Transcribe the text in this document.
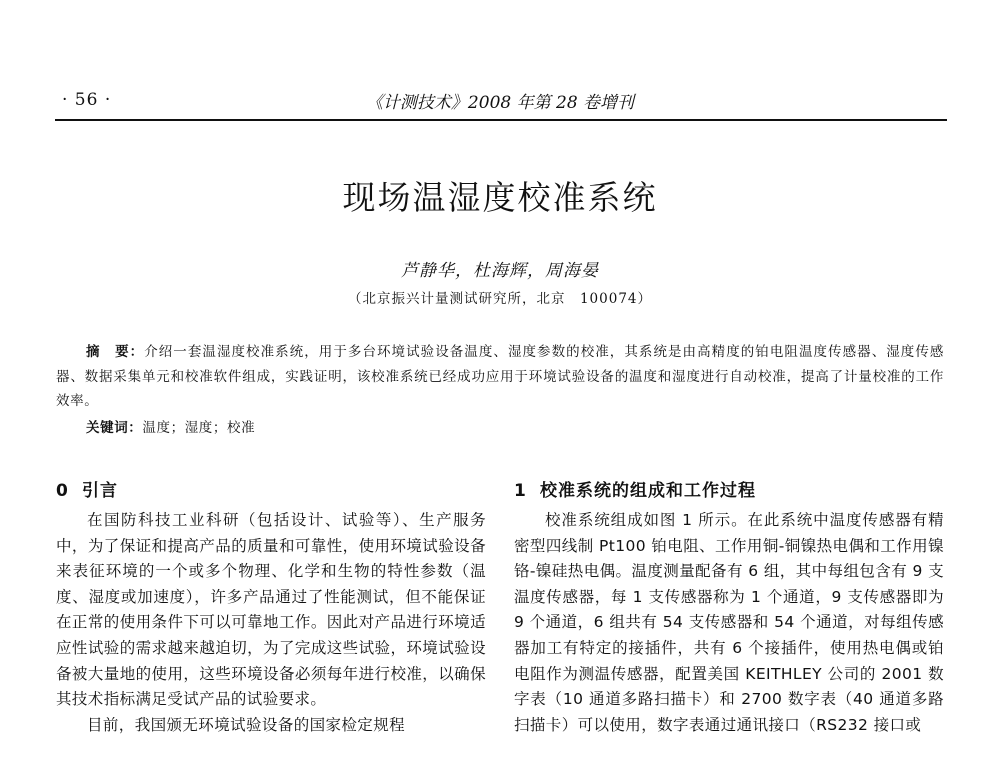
· 56 ·	《计测技术》2008 年第 28 卷增刊
现场温湿度校准系统
芦静华，杜海辉，周海晏
（北京振兴计量测试研究所，北京　100074）
摘　要：介绍一套温湿度校准系统，用于多台环境试验设备温度、湿度参数的校准，其系统是由高精度的铂电阻温度传感器、湿度传感器、数据采集单元和校准软件组成，实践证明，该校准系统已经成功应用于环境试验设备的温度和湿度进行自动校准，提高了计量校准的工作效率。
关键词：温度；湿度；校准
0 引言

在国防科技工业科研（包括设计、试验等）、生产服务中，为了保证和提高产品的质量和可靠性，使用环境试验设备来表征环境的一个或多个物理、化学和生物的特性参数（温度、湿度或加速度），许多产品通过了性能测试，但不能保证在正常的使用条件下可以可靠地工作。因此对产品进行环境适应性试验的需求越来越迫切，为了完成这些试验，环境试验设备被大量地的使用，这些环境设备必须每年进行校准，以确保其技术指标满足受试产品的试验要求。

目前，我国颁无环境试验设备的国家检定规程

1 校准系统的组成和工作过程

校准系统组成如图 1 所示。在此系统中温度传感器有精密型四线制 Pt100 铂电阻、工作用铜-铜镍热电偶和工作用镍铬-镍硅热电偶。温度测量配备有 6 组，其中每组包含有 9 支温度传感器，每 1 支传感器称为 1 个通道，9 支传感器即为 9 个通道，6 组共有 54 支传感器和 54 个通道，对每组传感器加工有特定的接插件，共有 6 个接插件，使用热电偶或铂电阻作为测温传感器，配置美国 KEITHLEY 公司的 2001 数字表（10 通道多路扫描卡）和 2700 数字表（40 通道多路扫描卡）可以使用，数字表通过通讯接口（RS232 接口或
